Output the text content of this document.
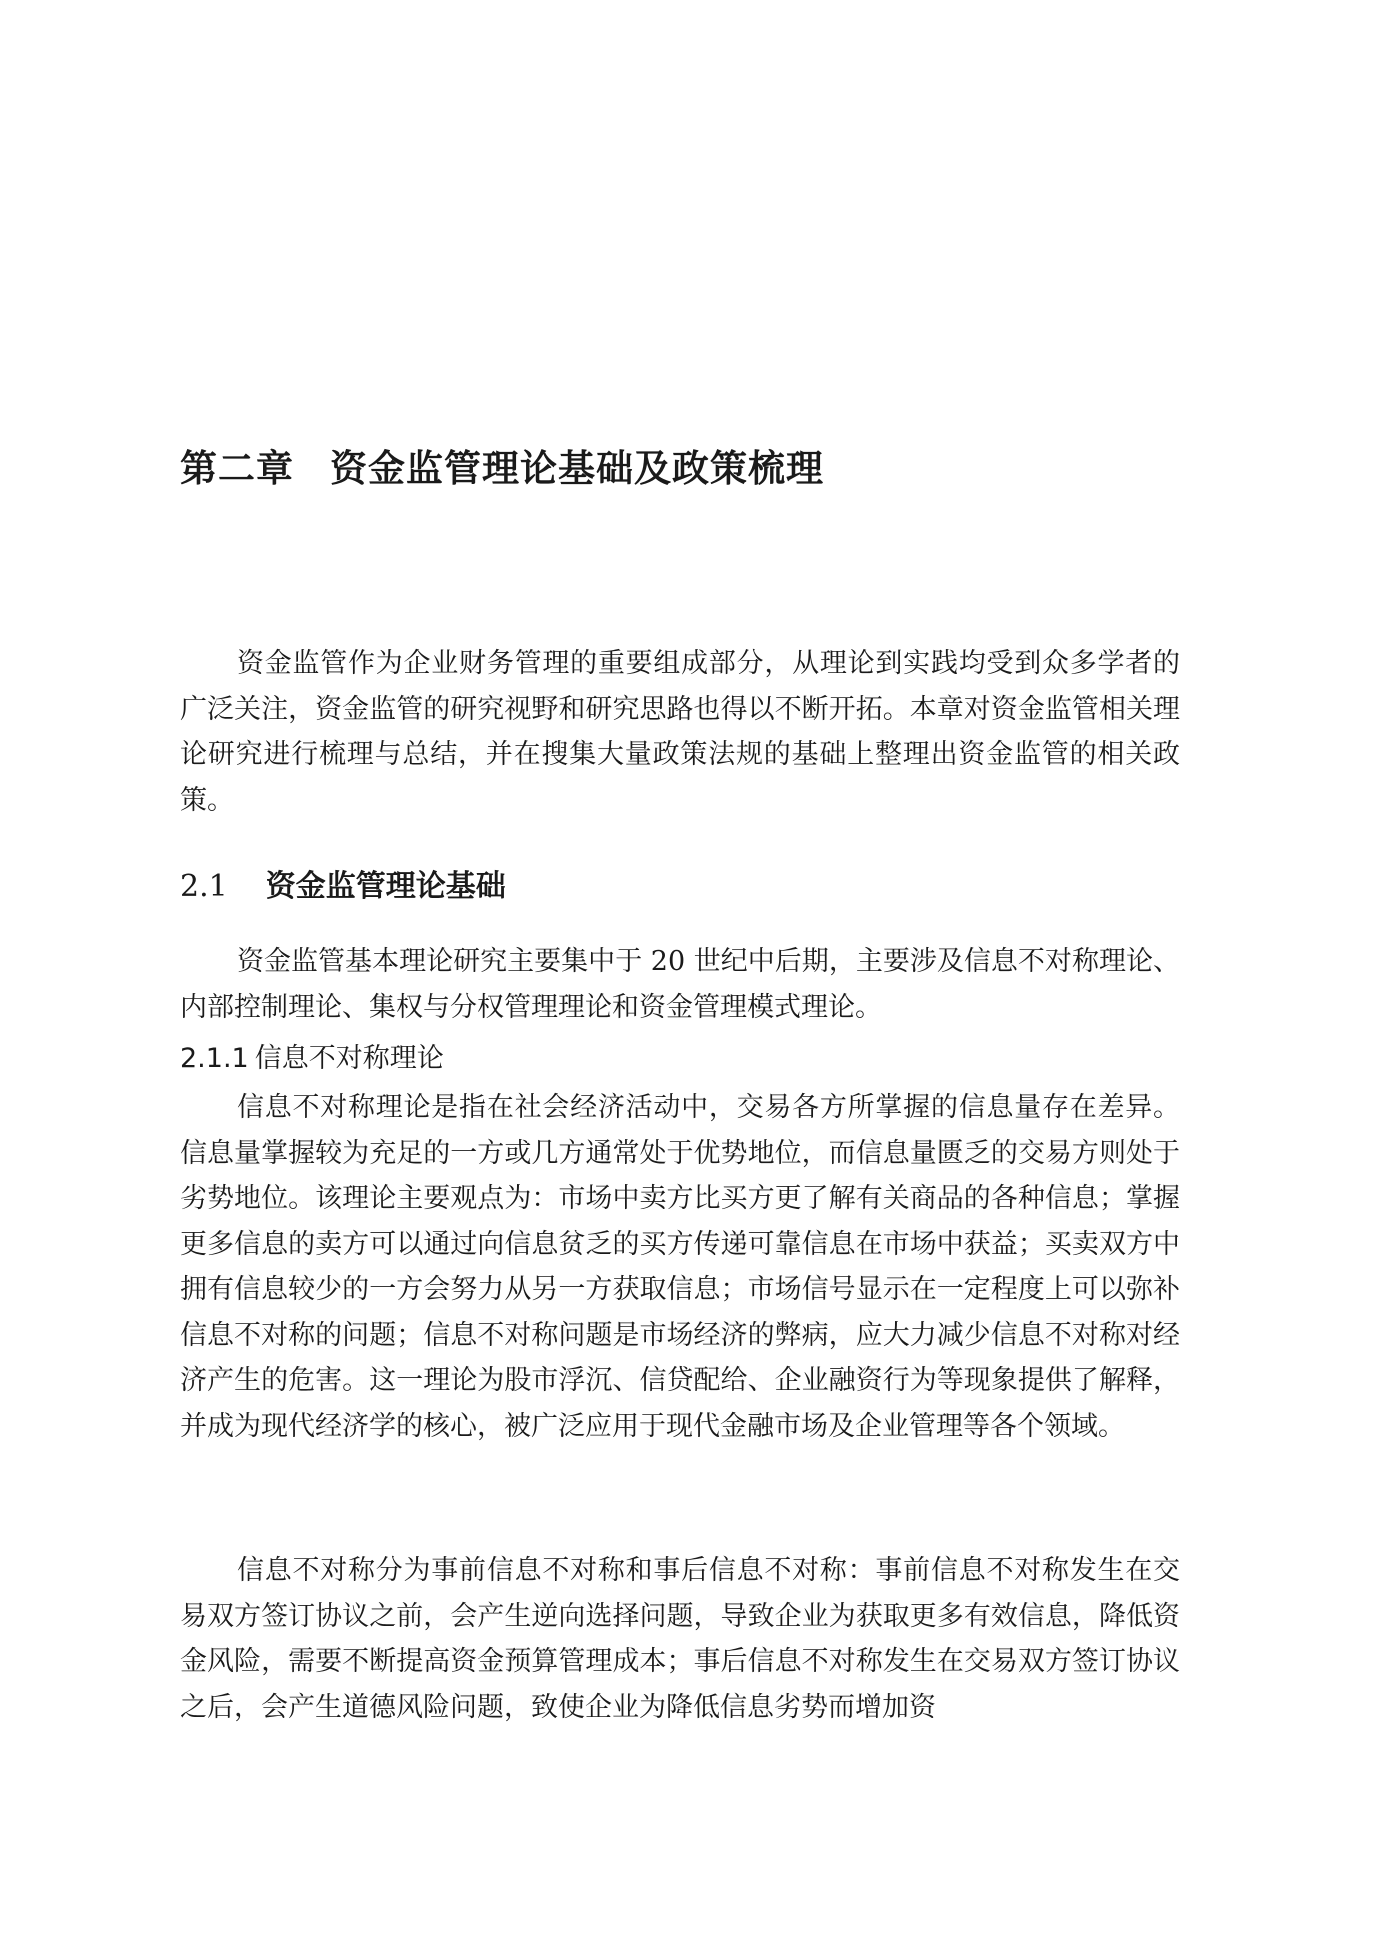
第二章 资金监管理论基础及政策梳理

资金监管作为企业财务管理的重要组成部分，从理论到实践均受到众多学者的广泛关注，资金监管的研究视野和研究思路也得以不断开拓。本章对资金监管相关理论研究进行梳理与总结，并在搜集大量政策法规的基础上整理出资金监管的相关政策。

2.1 资金监管理论基础

资金监管基本理论研究主要集中于 20 世纪中后期，主要涉及信息不对称理论、内部控制理论、集权与分权管理理论和资金管理模式理论。

2.1.1 信息不对称理论

信息不对称理论是指在社会经济活动中，交易各方所掌握的信息量存在差异。信息量掌握较为充足的一方或几方通常处于优势地位，而信息量匮乏的交易方则处于劣势地位。该理论主要观点为：市场中卖方比买方更了解有关商品的各种信息；掌握更多信息的卖方可以通过向信息贫乏的买方传递可靠信息在市场中获益；买卖双方中拥有信息较少的一方会努力从另一方获取信息；市场信号显示在一定程度上可以弥补信息不对称的问题；信息不对称问题是市场经济的弊病，应大力减少信息不对称对经济产生的危害。这一理论为股市浮沉、信贷配给、企业融资行为等现象提供了解释，并成为现代经济学的核心，被广泛应用于现代金融市场及企业管理等各个领域。

信息不对称分为事前信息不对称和事后信息不对称：事前信息不对称发生在交易双方签订协议之前，会产生逆向选择问题，导致企业为获取更多有效信息，降低资金风险，需要不断提高资金预算管理成本；事后信息不对称发生在交易双方签订协议之后，会产生道德风险问题，致使企业为降低信息劣势而增加资
